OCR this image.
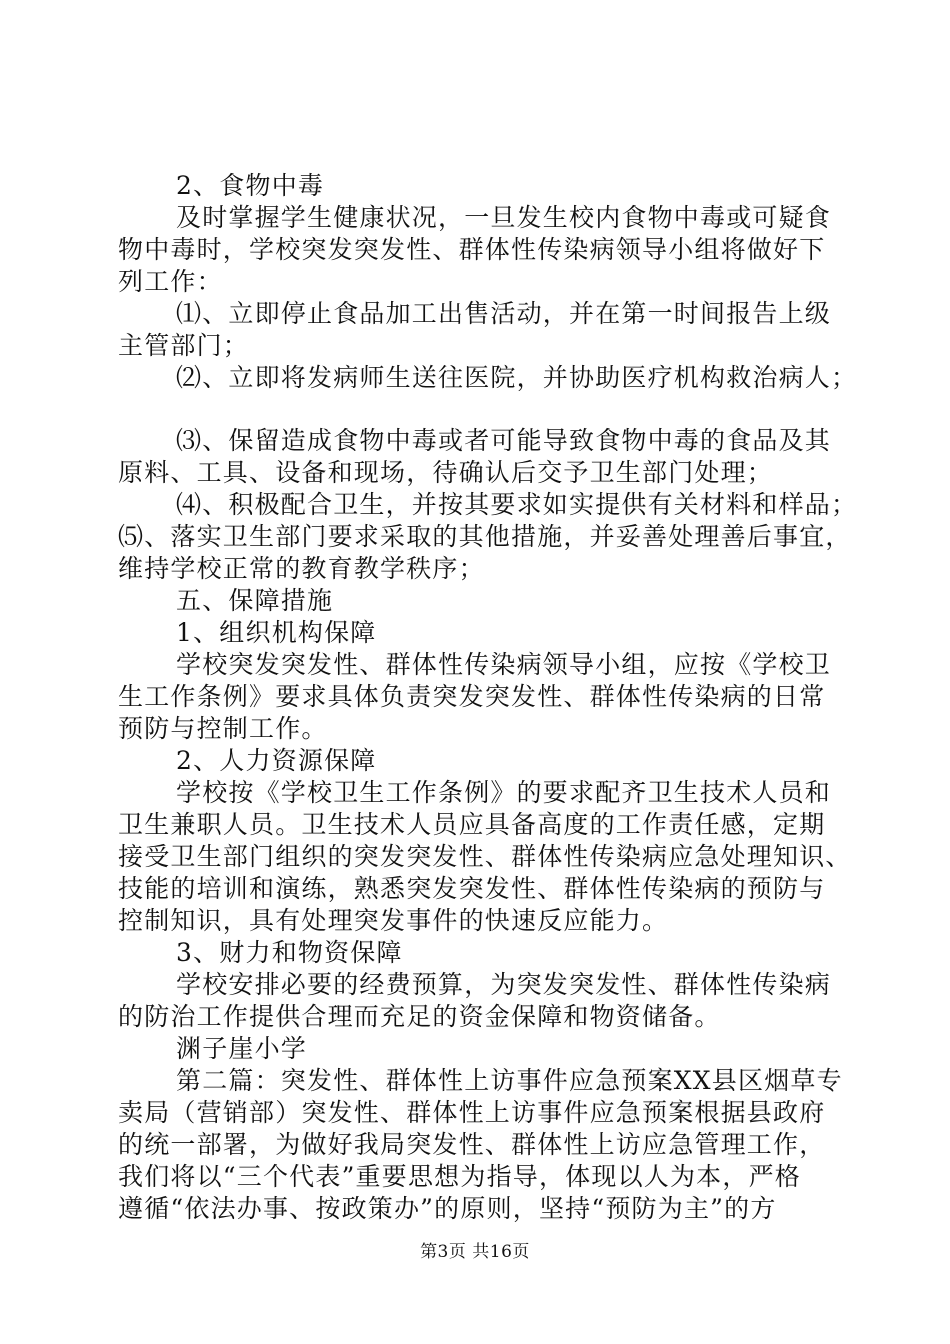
2、食物中毒
及时掌握学生健康状况，一旦发生校内食物中毒或可疑食
物中毒时，学校突发突发性、群体性传染病领导小组将做好下
列工作：
⑴、立即停止食品加工出售活动，并在第一时间报告上级
主管部门；
⑵、立即将发病师生送往医院，并协助医疗机构救治病人；
⑶、保留造成食物中毒或者可能导致食物中毒的食品及其
原料、工具、设备和现场，待确认后交予卫生部门处理；
⑷、积极配合卫生，并按其要求如实提供有关材料和样品；
⑸、落实卫生部门要求采取的其他措施，并妥善处理善后事宜，
维持学校正常的教育教学秩序；
五、保障措施
1、组织机构保障
学校突发突发性、群体性传染病领导小组，应按《学校卫
生工作条例》要求具体负责突发突发性、群体性传染病的日常
预防与控制工作。
2、人力资源保障
学校按《学校卫生工作条例》的要求配齐卫生技术人员和
卫生兼职人员。卫生技术人员应具备高度的工作责任感，定期
接受卫生部门组织的突发突发性、群体性传染病应急处理知识、
技能的培训和演练，熟悉突发突发性、群体性传染病的预防与
控制知识，具有处理突发事件的快速反应能力。
3、财力和物资保障
学校安排必要的经费预算，为突发突发性、群体性传染病
的防治工作提供合理而充足的资金保障和物资储备。
渊子崖小学
第二篇：突发性、群体性上访事件应急预案XX县区烟草专
卖局（营销部）突发性、群体性上访事件应急预案根据县政府
的统一部署，为做好我局突发性、群体性上访应急管理工作，
我们将以“三个代表”重要思想为指导，体现以人为本，严格
遵循“依法办事、按政策办”的原则，坚持“预防为主”的方
第3页 共16页
